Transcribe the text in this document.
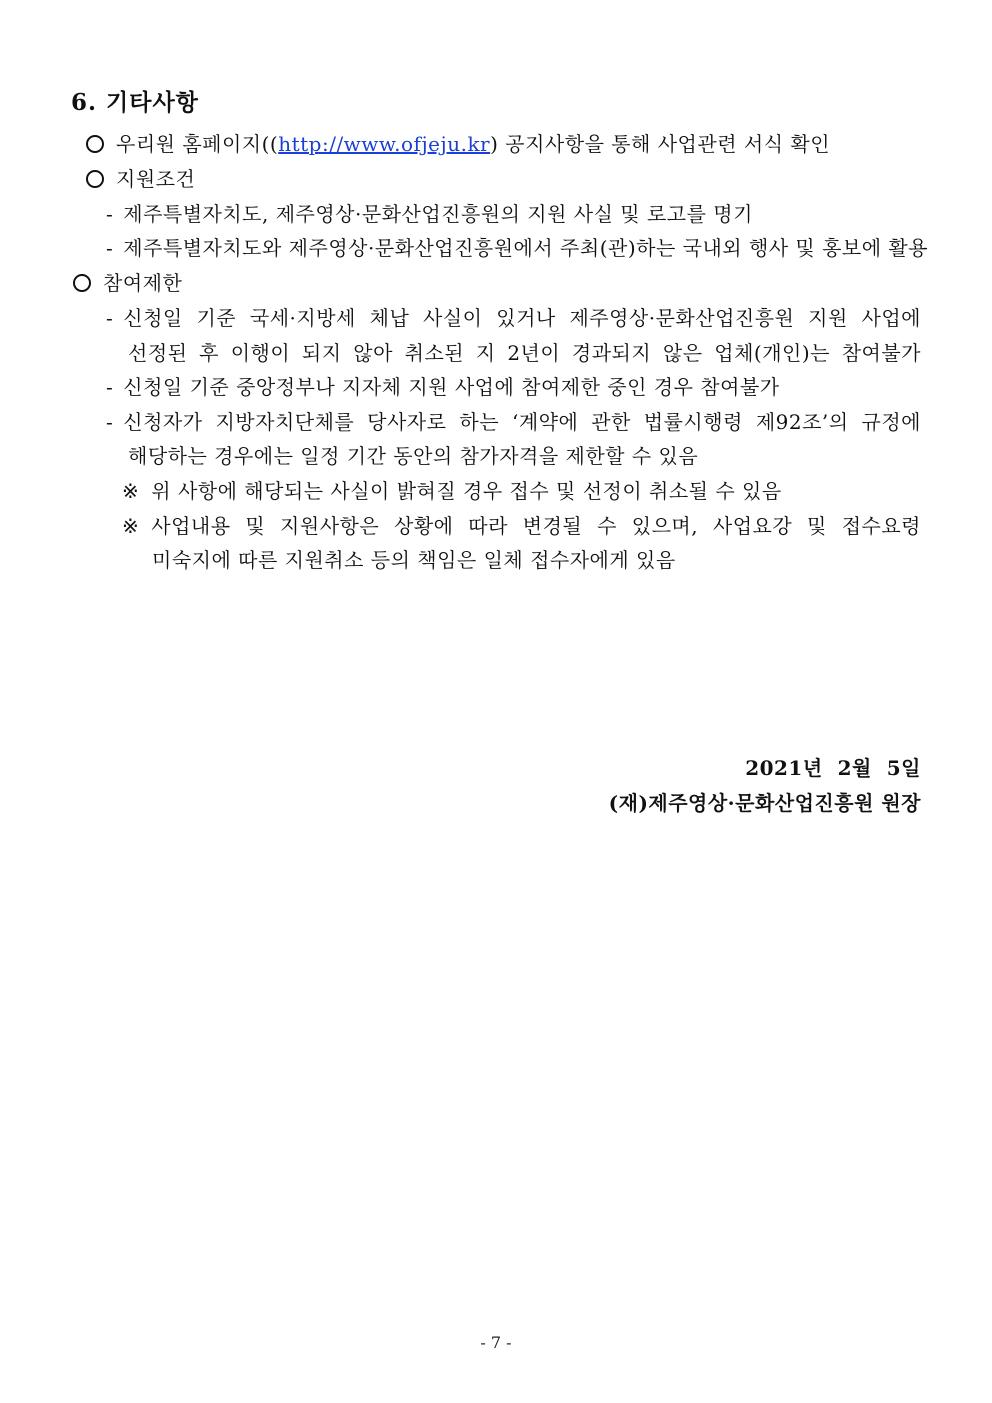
6. 기타사항
우리원 홈페이지((http://www.ofjeju.kr) 공지사항을 통해 사업관련 서식 확인
지원조건
- 제주특별자치도, 제주영상·문화산업진흥원의 지원 사실 및 로고를 명기
- 제주특별자치도와 제주영상·문화산업진흥원에서 주최(관)하는 국내외 행사 및 홍보에 활용
참여제한
- 신청일 기준 국세·지방세 체납 사실이 있거나 제주영상·문화산업진흥원 지원 사업에
선정된 후 이행이 되지 않아 취소된 지 2년이 경과되지 않은 업체(개인)는 참여불가
- 신청일 기준 중앙정부나 지자체 지원 사업에 참여제한 중인 경우 참여불가
- 신청자가 지방자치단체를 당사자로 하는 ‘계약에 관한 법률시행령 제92조’의 규정에
해당하는 경우에는 일정 기간 동안의 참가자격을 제한할 수 있음
※ 위 사항에 해당되는 사실이 밝혀질 경우 접수 및 선정이 취소될 수 있음
※ 사업내용 및 지원사항은 상황에 따라 변경될 수 있으며, 사업요강 및 접수요령
미숙지에 따른 지원취소 등의 책임은 일체 접수자에게 있음
2021년  2월  5일
(재)제주영상·문화산업진흥원 원장
- 7 -
